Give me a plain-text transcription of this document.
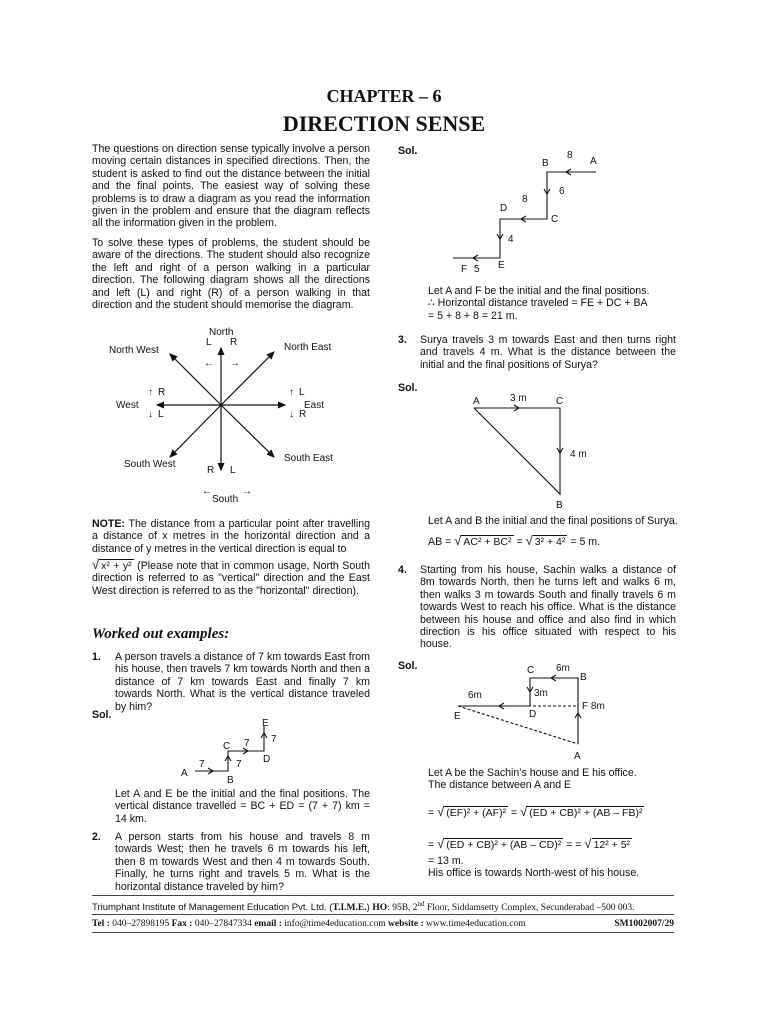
CHAPTER – 6
DIRECTION SENSE
The questions on direction sense typically involve a person moving certain distances in specified directions. Then, the student is asked to find out the distance between the initial and the final points. The easiest way of solving these problems is to draw a diagram as you read the information given in the problem and ensure that the diagram reflects all the information given in the problem.
To solve these types of problems, the student should be aware of the directions. The student should also recognize the left and right of a person walking in a particular direction. The following diagram shows all the directions and left (L) and right (R) of a person walking in that direction and the student should memorise the diagram.
North
L R
← →
North West	North East
West
↑ R
↓ L
East
↑ L
↓ R
South West
South East
R L
←	→
South
NOTE: The distance from a particular point after travelling a distance of x metres in the horizontal direction and a distance of y metres in the vertical direction is equal to
√ x² + y² (Please note that in common usage, North South direction is referred to as "vertical" direction and the East West direction is referred to as the "horizontal" direction).
Worked out examples:
1. A person travels a distance of 7 km towards East from his house, then travels 7 km towards North and then a distance of 7 km towards East and finally 7 km towards North. What is the vertical distance traveled by him?
Sol.
A
B
C
D
E
7	7
7 7
Let A and E be the initial and the final positions. The vertical distance travelled = BC + ED = (7 + 7) km = 14 km.
2. A person starts from his house and travels 8 m towards West; then he travels 6 m towards his left, then 8 m towards West and then 4 m towards South. Finally, he turns right and travels 5 m. What is the horizontal distance traveled by him?
Sol.
A
B
8
6
C
8
D
4
E
F 5
Let A and F be the initial and the final positions.
∴ Horizontal distance traveled = FE + DC + BA
= 5 + 8 + 8 = 21 m.
3. Surya travels 3 m towards East and then turns right and travels 4 m. What is the distance between the initial and the final positions of Surya?
Sol.
A	C
B
3 m
4 m
Let A and B the initial and the final positions of Surya.
AB = √ AC² + BC² = √ 3² + 4² = 5 m.
4. Starting from his house, Sachin walks a distance of 8m towards North, then he turns left and walks 6 m, then walks 3 m towards South and finally travels 6 m towards West to reach his office. What is the distance between his house and office and also find in which direction is his office situated with respect to his house.
Sol.
A
B
C
D
E
F 8m
6m
3m
6m
Let A be the Sachin’s house and E his office.
The distance between A and E
= √ (EF)² + (AF)² = √ (ED + CB)² + (AB – FB)²
= √ (ED + CB)² + (AB – CD)² = = √ 12² + 5²
= 13 m.
His office is towards North-west of his house.
Triumphant Institute of Management Education Pvt. Ltd. (T.I.M.E.) HO: 95B, 2nd Floor, Siddamsetty Complex, Secunderabad –500 003.
Tel : 040–27898195 Fax : 040–27847334 email : info@time4education.com website : www.time4education.com	SM1002007/29
